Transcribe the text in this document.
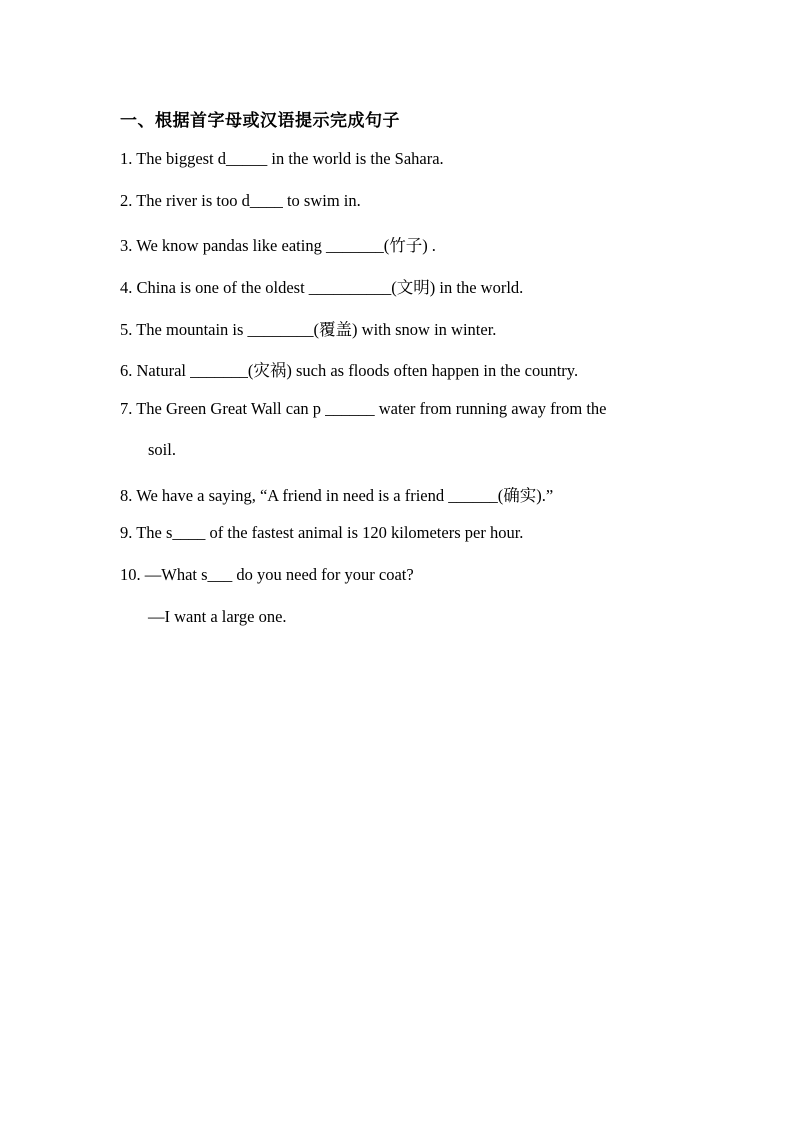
一、根据首字母或汉语提示完成句子
1. The biggest d_____ in the world is the Sahara.
2. The river is too d____ to swim in.
3. We know pandas like eating _______(竹子) .
4. China is one of the oldest __________(文明) in the world.
5. The mountain is ________(覆盖) with snow in winter.
6. Natural _______(灾祸) such as floods often happen in the country.
7. The Green Great Wall can p ______ water from running away from the
soil.
8. We have a saying, “A friend in need is a friend ______(确实).”
9. The s____ of the fastest animal is 120 kilometers per hour.
10. —What s___ do you need for your coat?
—I want a large one.
